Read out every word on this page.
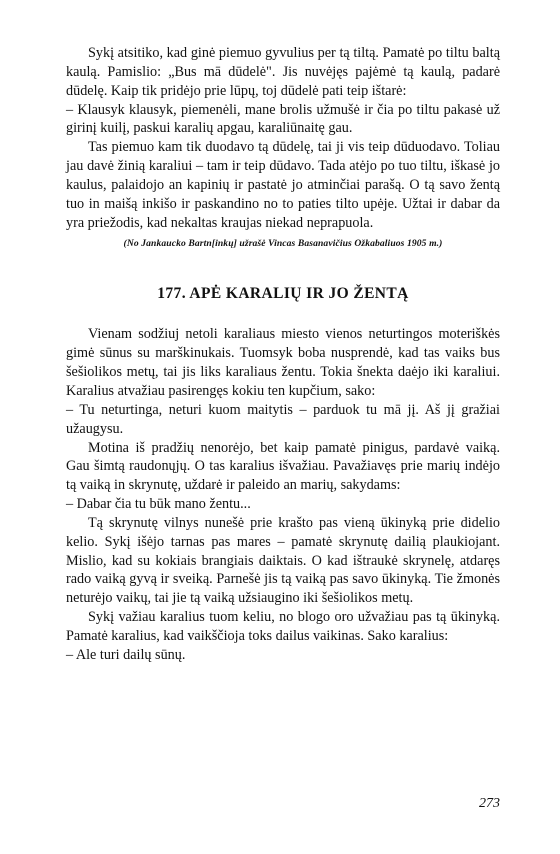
Sykį atsitiko, kad ginė piemuo gyvulius per tą tiltą. Pamatė po tiltu baltą kaulą. Pamislio: „Bus mā dūdelė". Jis nuvėjęs pajėmė tą kaulą, padarė dūdelę. Kaip tik pridėjo prie lūpų, toj dūdelė pati teip ištarė:

– Klausyk klausyk, piemenėli, mane brolis užmušė ir čia po tiltu pakasė už girinį kuilį, paskui karalių apgau, karaliūnaitę gau.

Tas piemuo kam tik duodavo tą dūdelę, tai ji vis teip dūduodavo. Toliau jau davė žinią karaliui – tam ir teip dūdavo. Tada atėjo po tuo tiltu, iškasė jo kaulus, palaidojo an kapinių ir pastatė jo atminčiai parašą. O tą savo žentą tuo in maišą inkišo ir paskandino no to paties tilto upėje. Užtai ir dabar da yra priežodis, kad nekaltas kraujas niekad neprapuola.

(No Jankaucko Bartn[inkų] užrašė Vincas Basanavičius Ožkabaliuos 1905 m.)

177. APĖ KARALIŲ IR JO ŽENTĄ

Vienam sodžiuj netoli karaliaus miesto vienos neturtingos moteriškės gimė sūnus su marškinukais. Tuomsyk boba nusprendė, kad tas vaiks bus šešiolikos metų, tai jis liks karaliaus žentu. Tokia šnekta daėjo iki karaliui. Karalius atvažiau pasirengęs kokiu ten kupčium, sako:

– Tu neturtinga, neturi kuom maitytis – parduok tu mā jį. Aš jį gražiai užaugysu.

Motina iš pradžių nenorėjo, bet kaip pamatė pinigus, pardavė vaiką. Gau šimtą raudonųjų. O tas karalius išvažiau. Pavažiavęs prie marių indėjo tą vaiką in skrynutę, uždarė ir paleido an marių, sakydams:

– Dabar čia tu būk mano žentu...

Tą skrynutę vilnys nunešė prie krašto pas vieną ūkinyką prie didelio kelio. Sykį išėjo tarnas pas mares – pamatė skrynutę dailią plaukiojant. Mislio, kad su kokiais brangiais daiktais. O kad ištraukė skrynelę, atdaręs rado vaiką gyvą ir sveiką. Parnešė jis tą vaiką pas savo ūkinyką. Tie žmonės neturėjo vaikų, tai jie tą vaiką užsiaugino iki šešiolikos metų.

Sykį važiau karalius tuom keliu, no blogo oro užvažiau pas tą ūkinyką. Pamatė karalius, kad vaikščioja toks dailus vaikinas. Sako karalius:

– Ale turi dailų sūnų.

273
